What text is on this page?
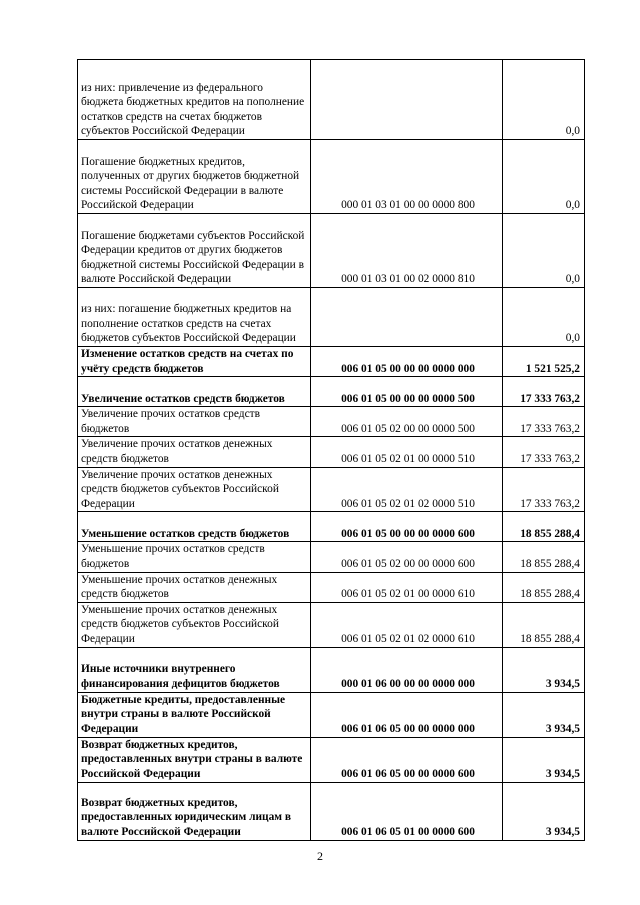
из них: привлечение из федерального бюджета бюджетных кредитов на пополнение остатков средств на счетах бюджетов субъектов Российской Федерации		0,0
Погашение бюджетных кредитов, полученных от других бюджетов бюджетной системы Российской Федерации в валюте Российской Федерации	000 01 03 01 00 00 0000 800	0,0
Погашение бюджетами субъектов Российской Федерации кредитов от других бюджетов бюджетной системы Российской Федерации в валюте Российской Федерации	000 01 03 01 00 02 0000 810	0,0
из них: погашение бюджетных кредитов на пополнение остатков средств на счетах бюджетов субъектов Российской Федерации		0,0
Изменение остатков средств на счетах по учёту средств бюджетов	006 01 05 00 00 00 0000 000	1 521 525,2
Увеличение остатков средств бюджетов	006 01 05 00 00 00 0000 500	17 333 763,2
Увеличение прочих остатков средств бюджетов	006 01 05 02 00 00 0000 500	17 333 763,2
Увеличение прочих остатков денежных средств бюджетов	006 01 05 02 01 00 0000 510	17 333 763,2
Увеличение прочих остатков денежных средств бюджетов субъектов Российской Федерации	006 01 05 02 01 02 0000 510	17 333 763,2
Уменьшение остатков средств бюджетов	006 01 05 00 00 00 0000 600	18 855 288,4
Уменьшение прочих остатков средств бюджетов	006 01 05 02 00 00 0000 600	18 855 288,4
Уменьшение прочих остатков денежных средств бюджетов	006 01 05 02 01 00 0000 610	18 855 288,4
Уменьшение прочих остатков денежных средств бюджетов субъектов Российской Федерации	006 01 05 02 01 02 0000 610	18 855 288,4
Иные источники внутреннего финансирования дефицитов бюджетов	000 01 06 00 00 00 0000 000	3 934,5
Бюджетные кредиты, предоставленные внутри страны в валюте Российской Федерации	006 01 06 05 00 00 0000 000	3 934,5
Возврат бюджетных кредитов, предоставленных внутри страны в валюте Российской Федерации	006 01 06 05 00 00 0000 600	3 934,5
Возврат бюджетных кредитов, предоставленных юридическим лицам в валюте Российской Федерации	006 01 06 05 01 00 0000 600	3 934,5
2
